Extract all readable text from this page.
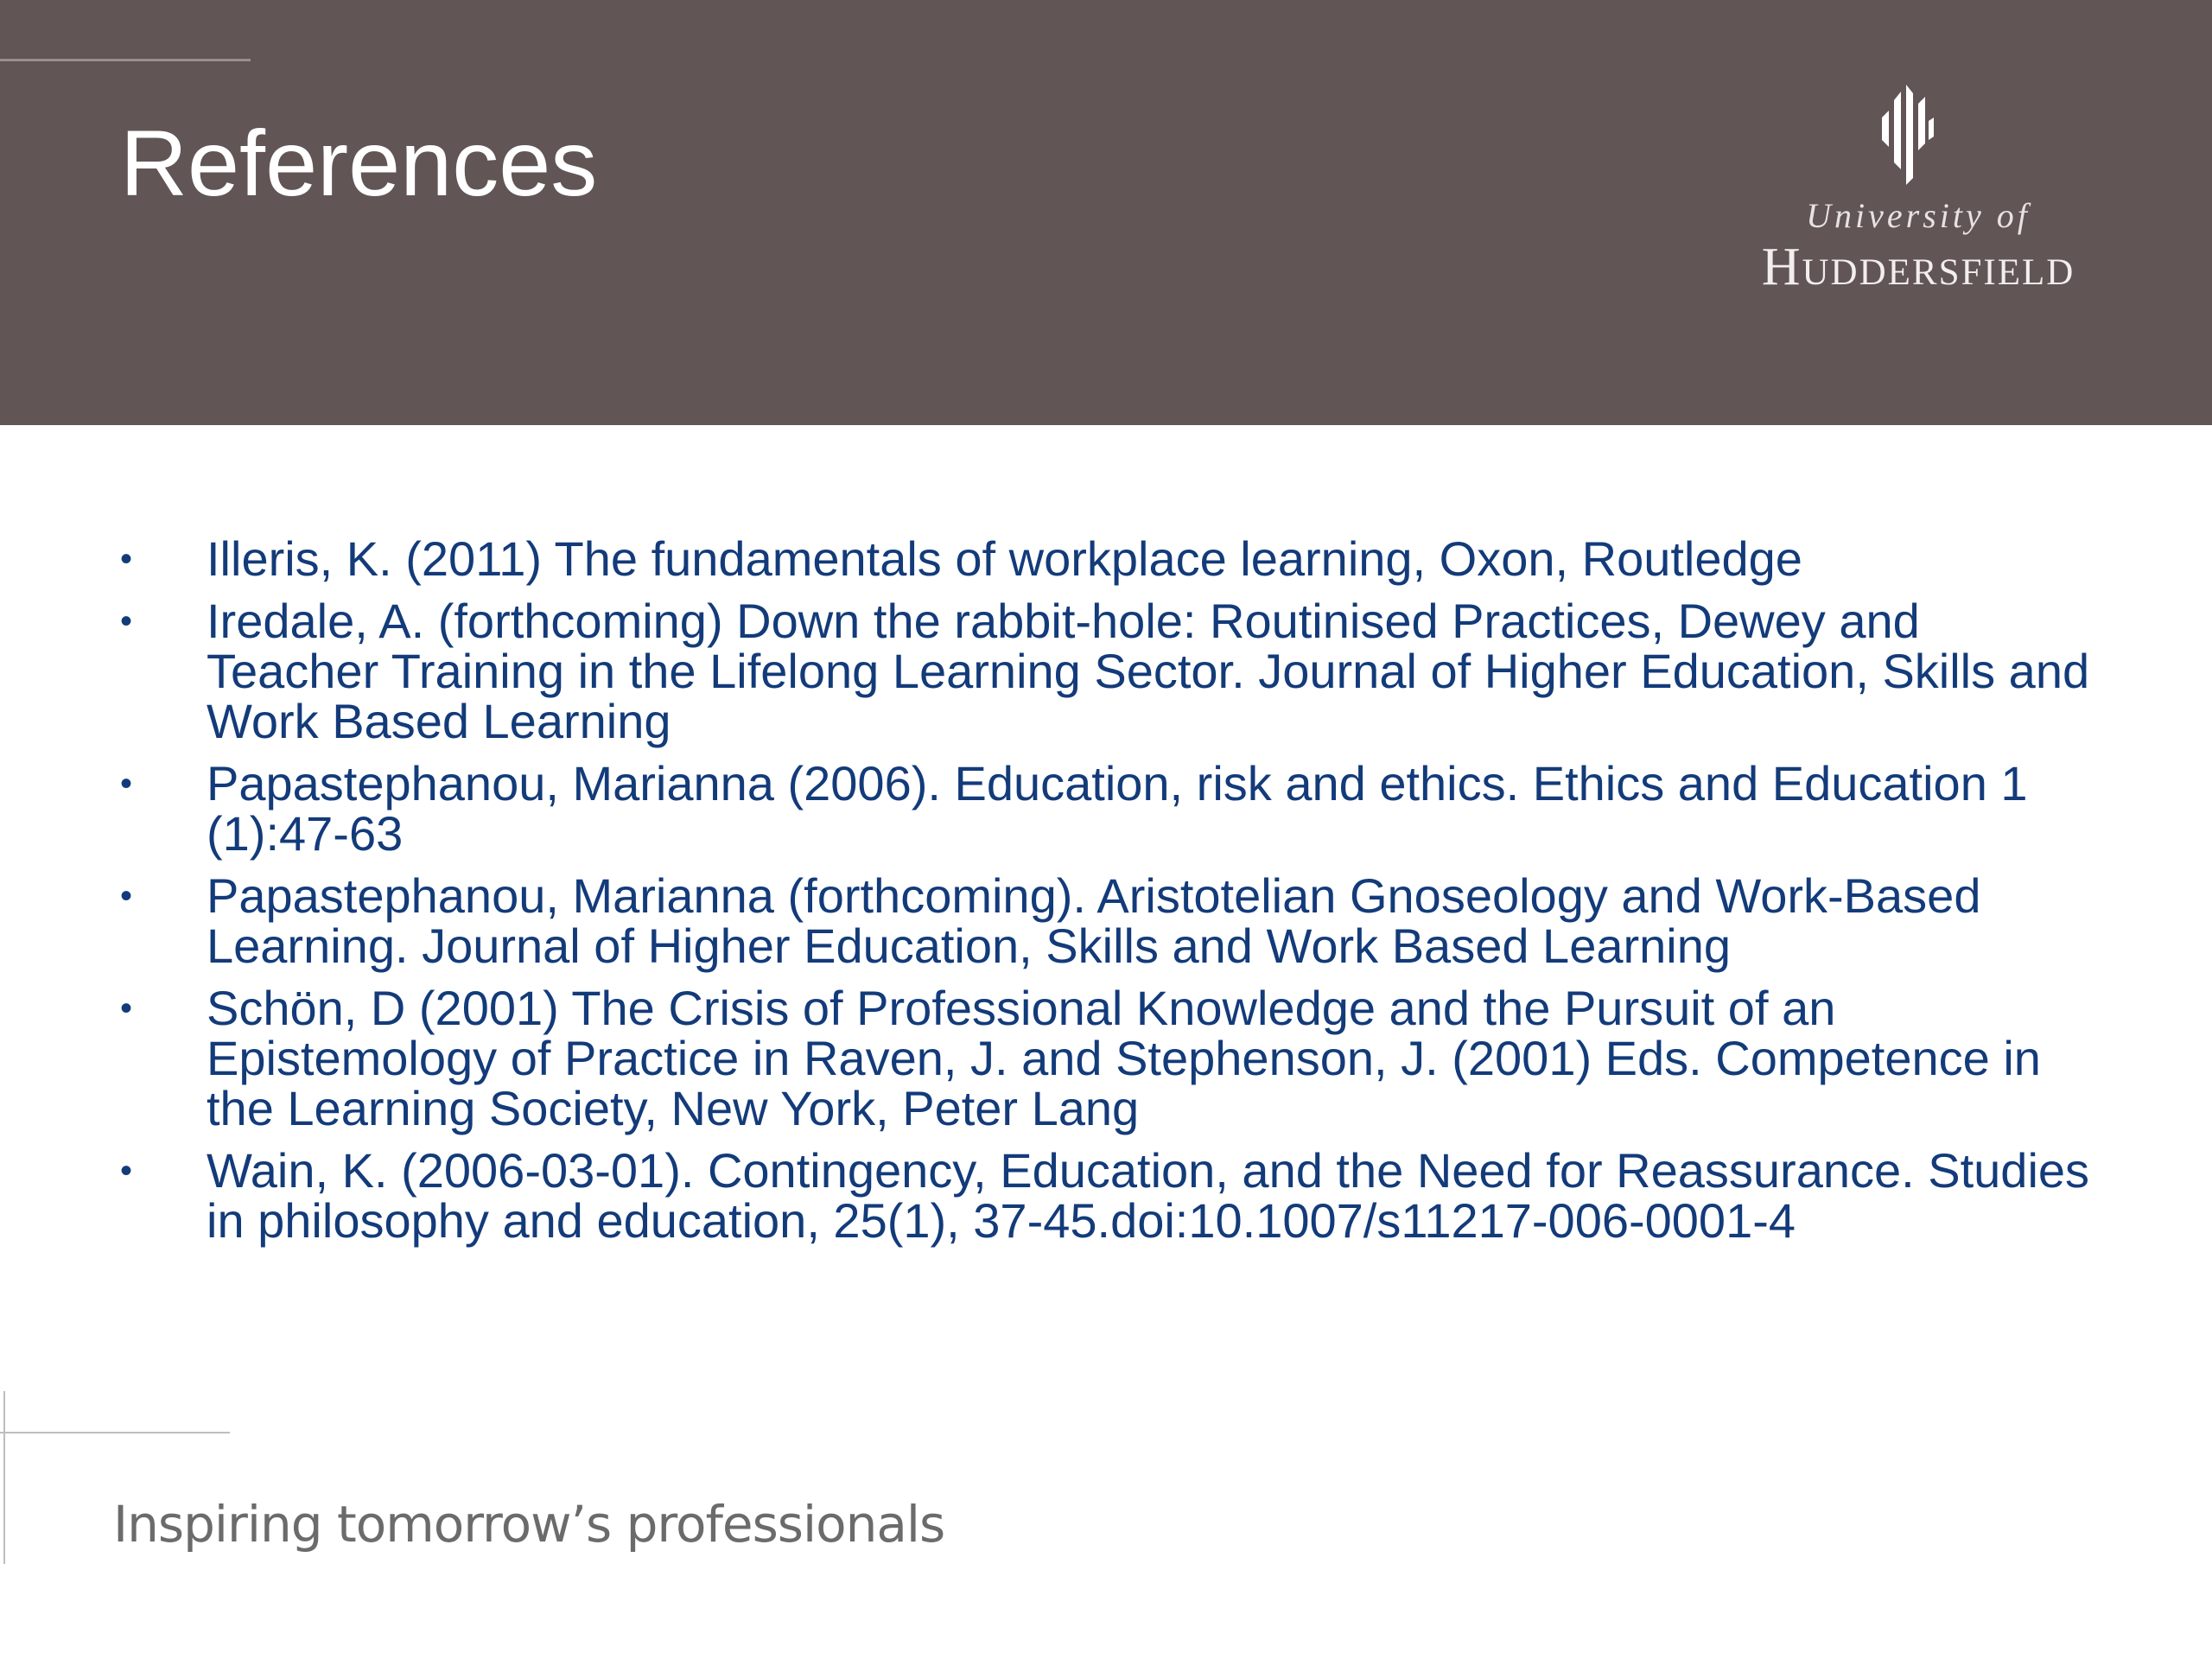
References
University of
Huddersfield
•	Illeris, K. (2011) The fundamentals of workplace learning, Oxon, Routledge
•	Iredale, A. (forthcoming) Down the rabbit-hole: Routinised Practices, Dewey and Teacher Training in the Lifelong Learning Sector. Journal of Higher Education, Skills and Work Based Learning
•	Papastephanou, Marianna (2006). Education, risk and ethics. Ethics and Education 1 (1):47-63
•	Papastephanou, Marianna (forthcoming). Aristotelian Gnoseology and Work-Based Learning. Journal of Higher Education, Skills and Work Based Learning
•	Schön, D (2001) The Crisis of Professional Knowledge and the Pursuit of an Epistemology of Practice in Raven, J. and Stephenson, J. (2001) Eds. Competence in the Learning Society, New York, Peter Lang
•	Wain, K. (2006-03-01). Contingency, Education, and the Need for Reassurance. Studies in philosophy and education, 25(1), 37-45.doi:10.1007/s11217-006-0001-4
Inspiring tomorrow’s professionals
